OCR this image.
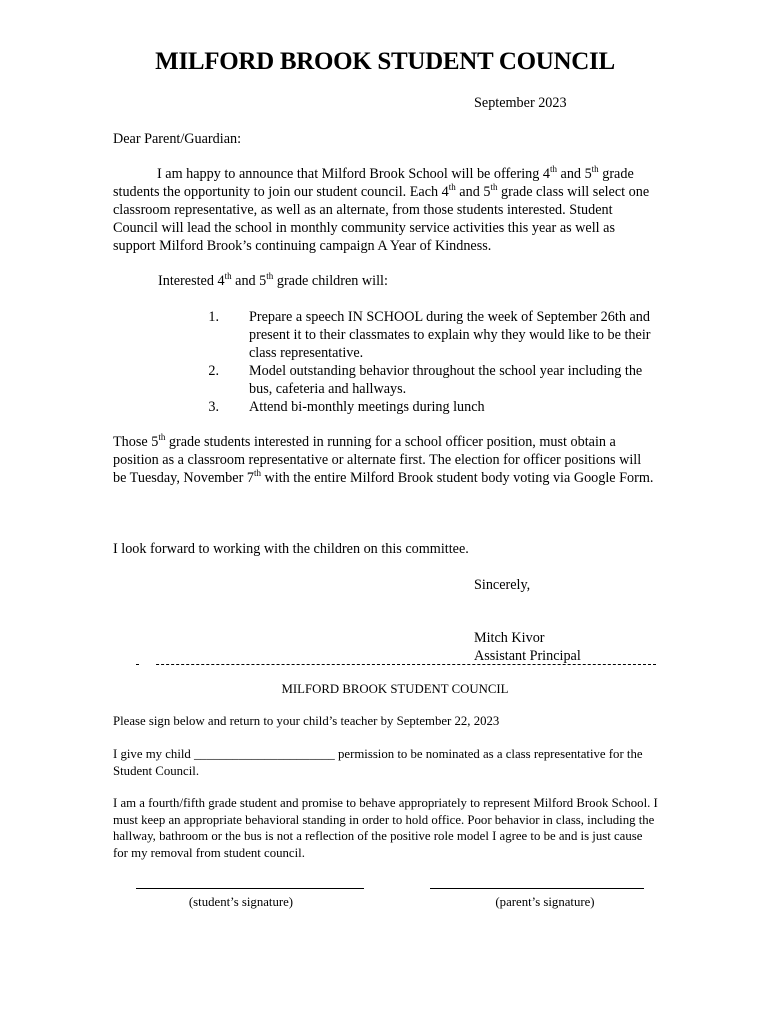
MILFORD BROOK STUDENT COUNCIL
September 2023
Dear Parent/Guardian:
I am happy to announce that Milford Brook School will be offering 4th and 5th grade students the opportunity to join our student council. Each 4th and 5th grade class will select one classroom representative, as well as an alternate, from those students interested. Student Council will lead the school in monthly community service activities this year as well as support Milford Brook’s continuing campaign A Year of Kindness.
Interested 4th and 5th grade children will:
1. Prepare a speech IN SCHOOL during the week of September 26th and present it to their classmates to explain why they would like to be their class representative.
2. Model outstanding behavior throughout the school year including the bus, cafeteria and hallways.
3. Attend bi-monthly meetings during lunch
Those 5th grade students interested in running for a school officer position, must obtain a position as a classroom representative or alternate first. The election for officer positions will be Tuesday, November 7th with the entire Milford Brook student body voting via Google Form.
I look forward to working with the children on this committee.
Sincerely,
Mitch Kivor
Assistant Principal
MILFORD BROOK STUDENT COUNCIL
Please sign below and return to your child’s teacher by September 22, 2023
I give my child ______________________ permission to be nominated as a class representative for the Student Council.
I am a fourth/fifth grade student and promise to behave appropriately to represent Milford Brook School. I must keep an appropriate behavioral standing in order to hold office. Poor behavior in class, including the hallway, bathroom or the bus is not a reflection of the positive role model I agree to be and is just cause for my removal from student council.
(student’s signature)	(parent’s signature)
